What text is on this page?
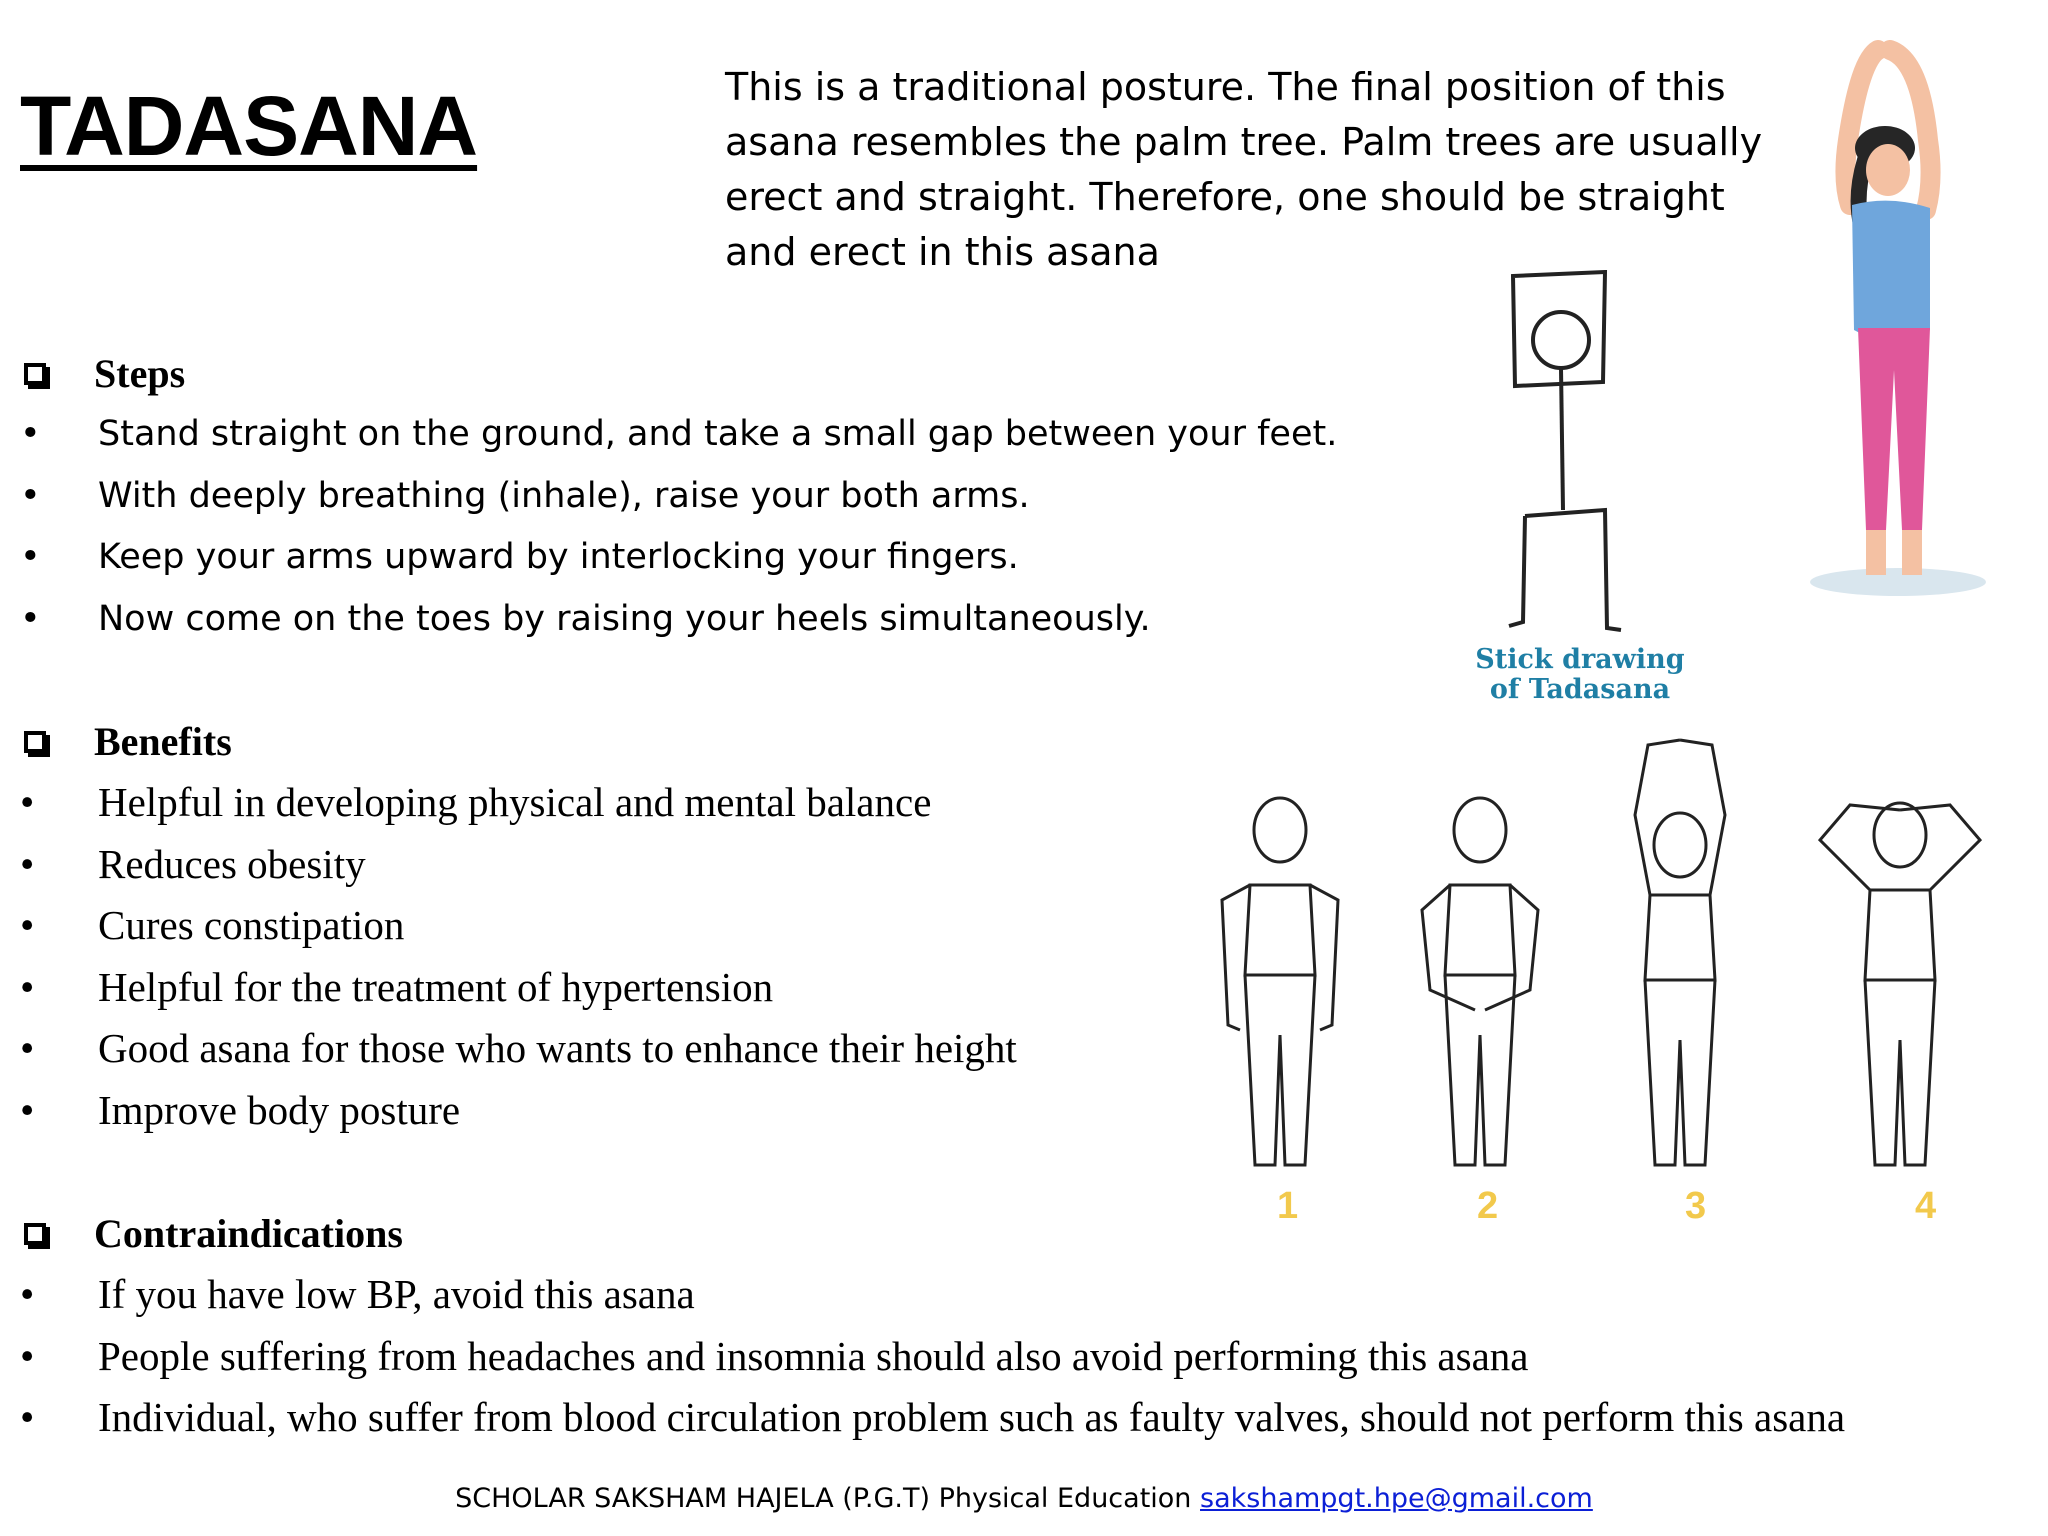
TADASANA	This is a traditional posture. The final position of this asana resembles the palm tree. Palm trees are usually erect and straight. Therefore, one should be straight and erect in this asana
Steps
• Stand straight on the ground, and take a small gap between your feet.
• With deeply breathing (inhale), raise your both arms.
• Keep your arms upward by interlocking your fingers.
• Now come on the toes by raising your heels simultaneously.
Benefits
• Helpful in developing physical and mental balance
• Reduces obesity
• Cures constipation
• Helpful for the treatment of hypertension
• Good asana for those who wants to enhance their height
• Improve body posture
Contraindications
• If you have low BP, avoid this asana
• People suffering from headaches and insomnia should also avoid performing this asana
• Individual, who suffer from blood circulation problem such as faulty valves, should not perform this asana
Stick drawing
of Tadasana
1	2	3	4
SCHOLAR SAKSHAM HAJELA (P.G.T) Physical Education sakshampgt.hpe@gmail.com
